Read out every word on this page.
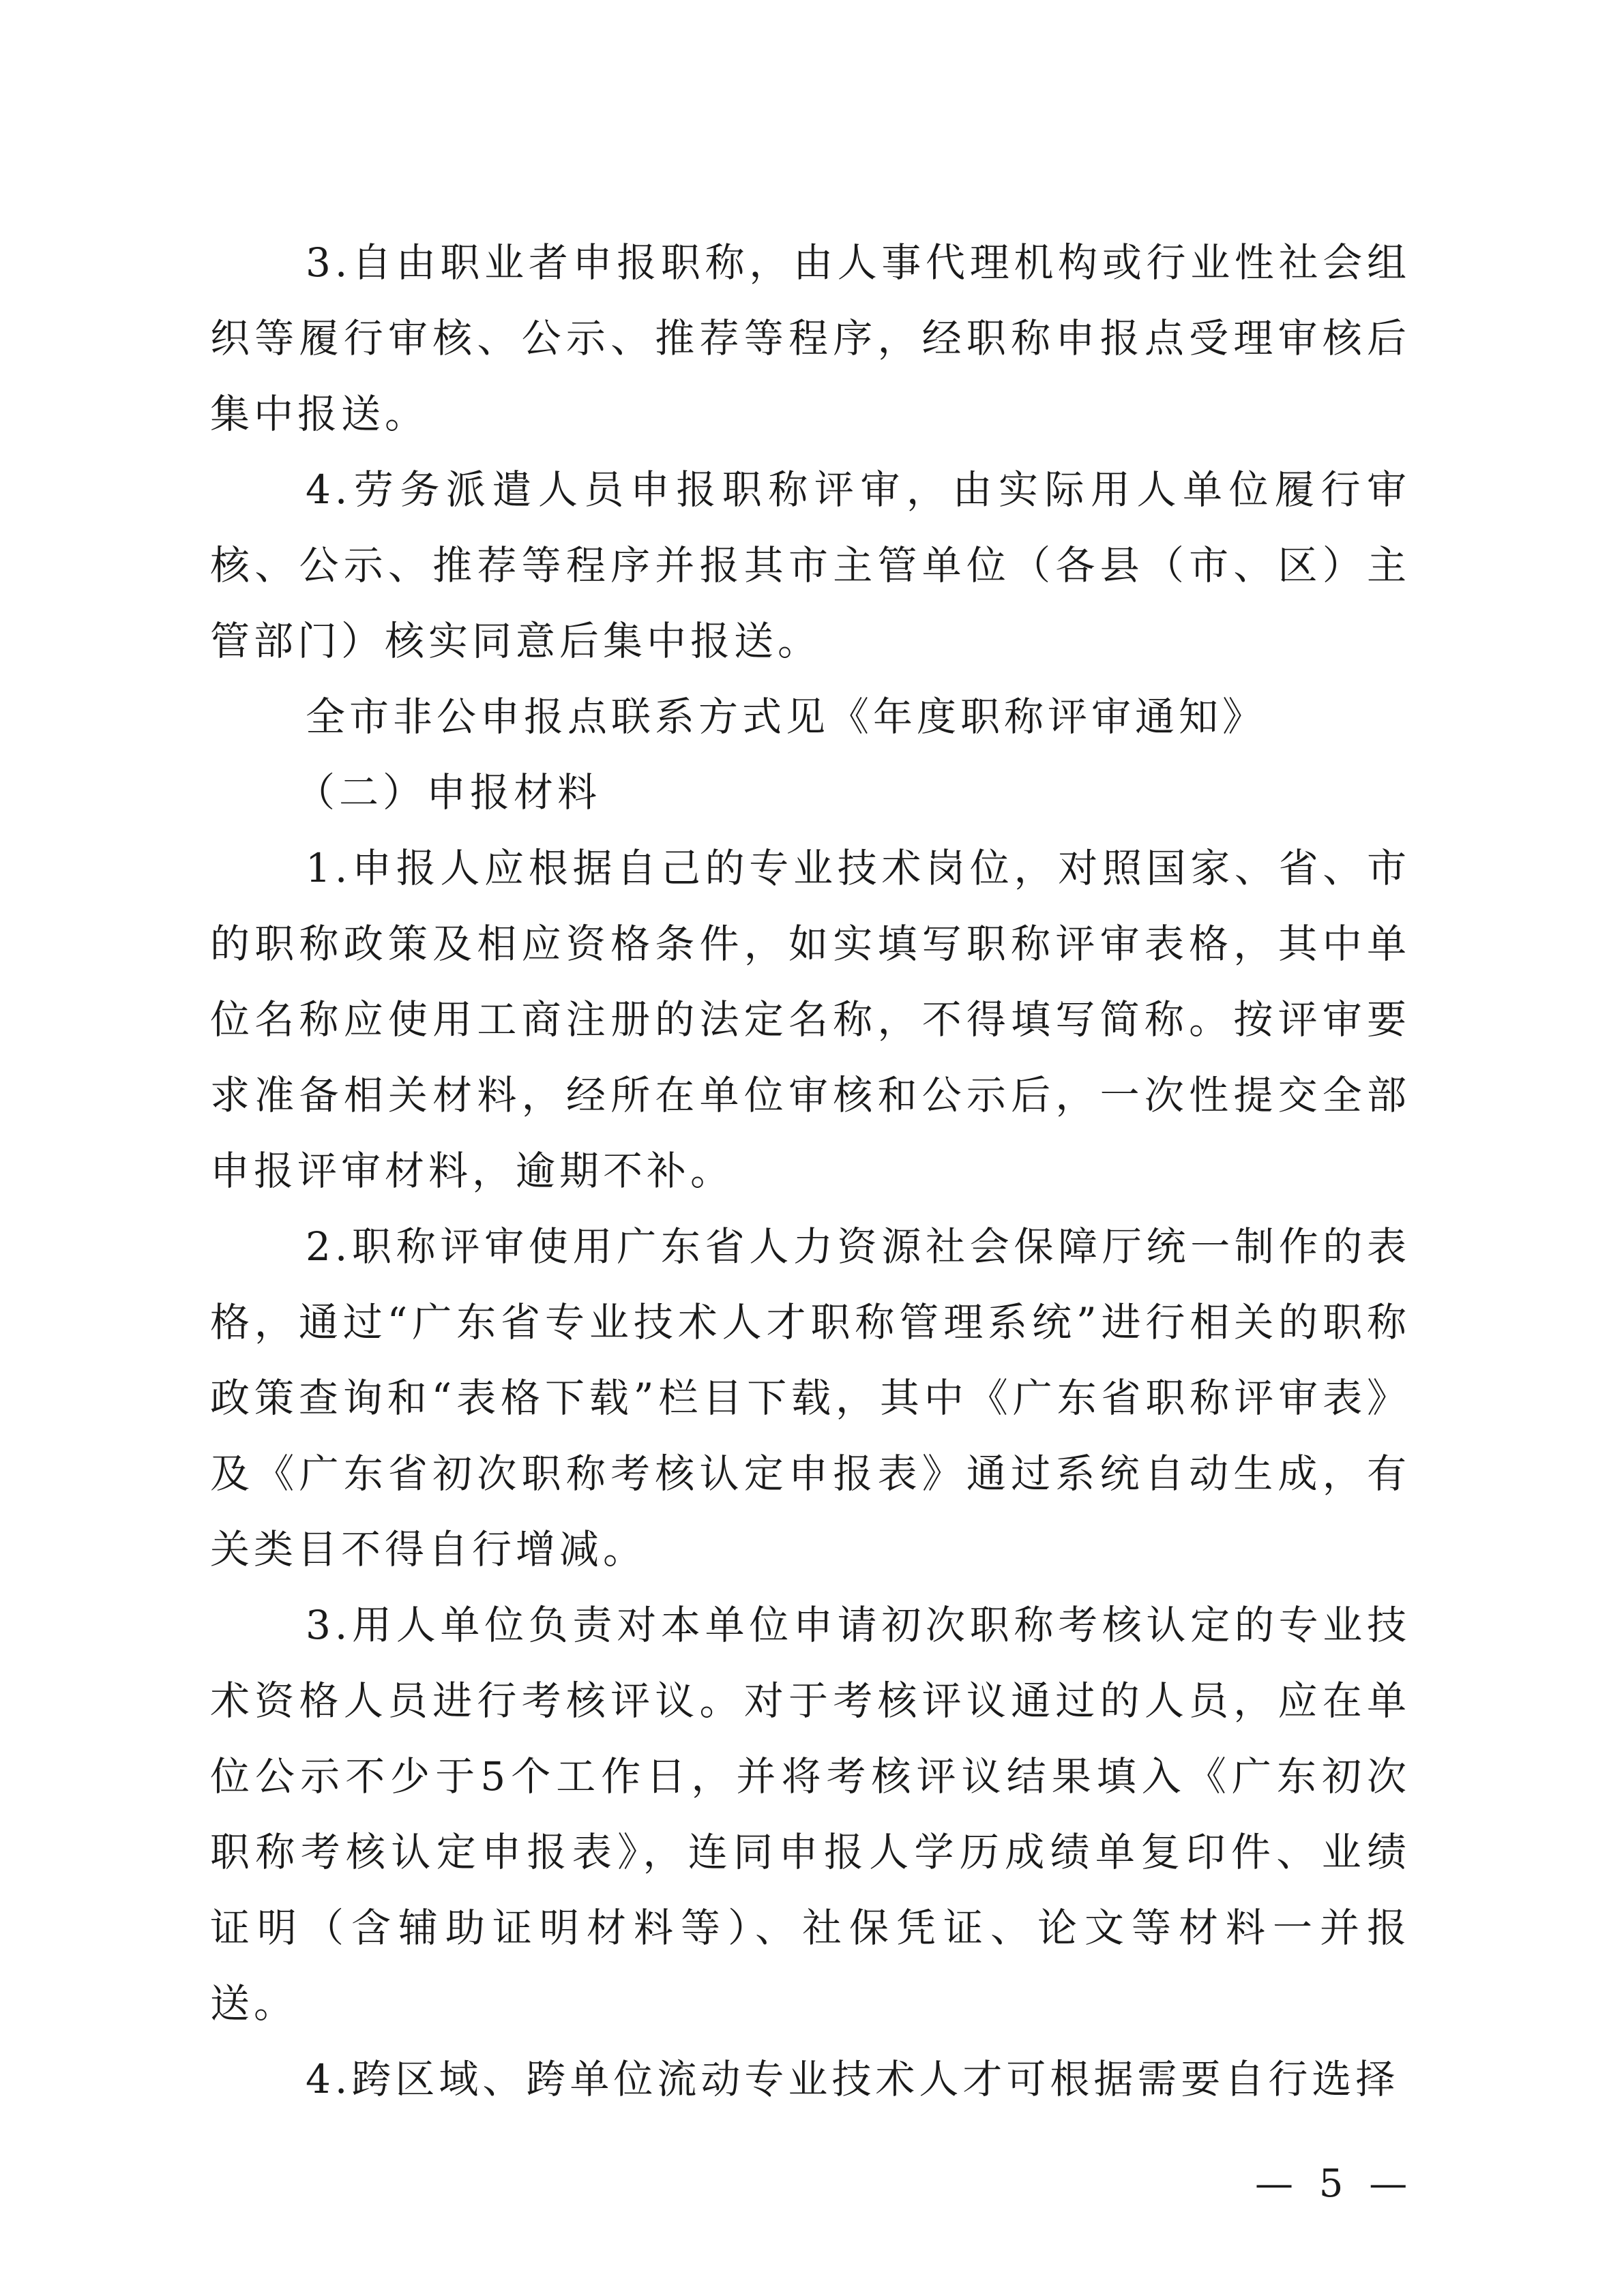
3.自由职业者申报职称，由人事代理机构或行业性社会组织等履行审核、公示、推荐等程序，经职称申报点受理审核后集中报送。

4.劳务派遣人员申报职称评审，由实际用人单位履行审核、公示、推荐等程序并报其市主管单位（各县（市、区）主管部门）核实同意后集中报送。

全市非公申报点联系方式见《年度职称评审通知》

（二）申报材料

1.申报人应根据自己的专业技术岗位，对照国家、省、市的职称政策及相应资格条件，如实填写职称评审表格，其中单位名称应使用工商注册的法定名称，不得填写简称。按评审要求准备相关材料，经所在单位审核和公示后，一次性提交全部申报评审材料，逾期不补。

2.职称评审使用广东省人力资源社会保障厅统一制作的表格，通过“广东省专业技术人才职称管理系统”进行相关的职称政策查询和“表格下载”栏目下载，其中《广东省职称评审表》及《广东省初次职称考核认定申报表》通过系统自动生成，有关类目不得自行增减。

3.用人单位负责对本单位申请初次职称考核认定的专业技术资格人员进行考核评议。对于考核评议通过的人员，应在单位公示不少于5个工作日，并将考核评议结果填入《广东初次职称考核认定申报表》，连同申报人学历成绩单复印件、业绩证明（含辅助证明材料等）、社保凭证、论文等材料一并报送。

4.跨区域、跨单位流动专业技术人才可根据需要自行选择

— 5 —
